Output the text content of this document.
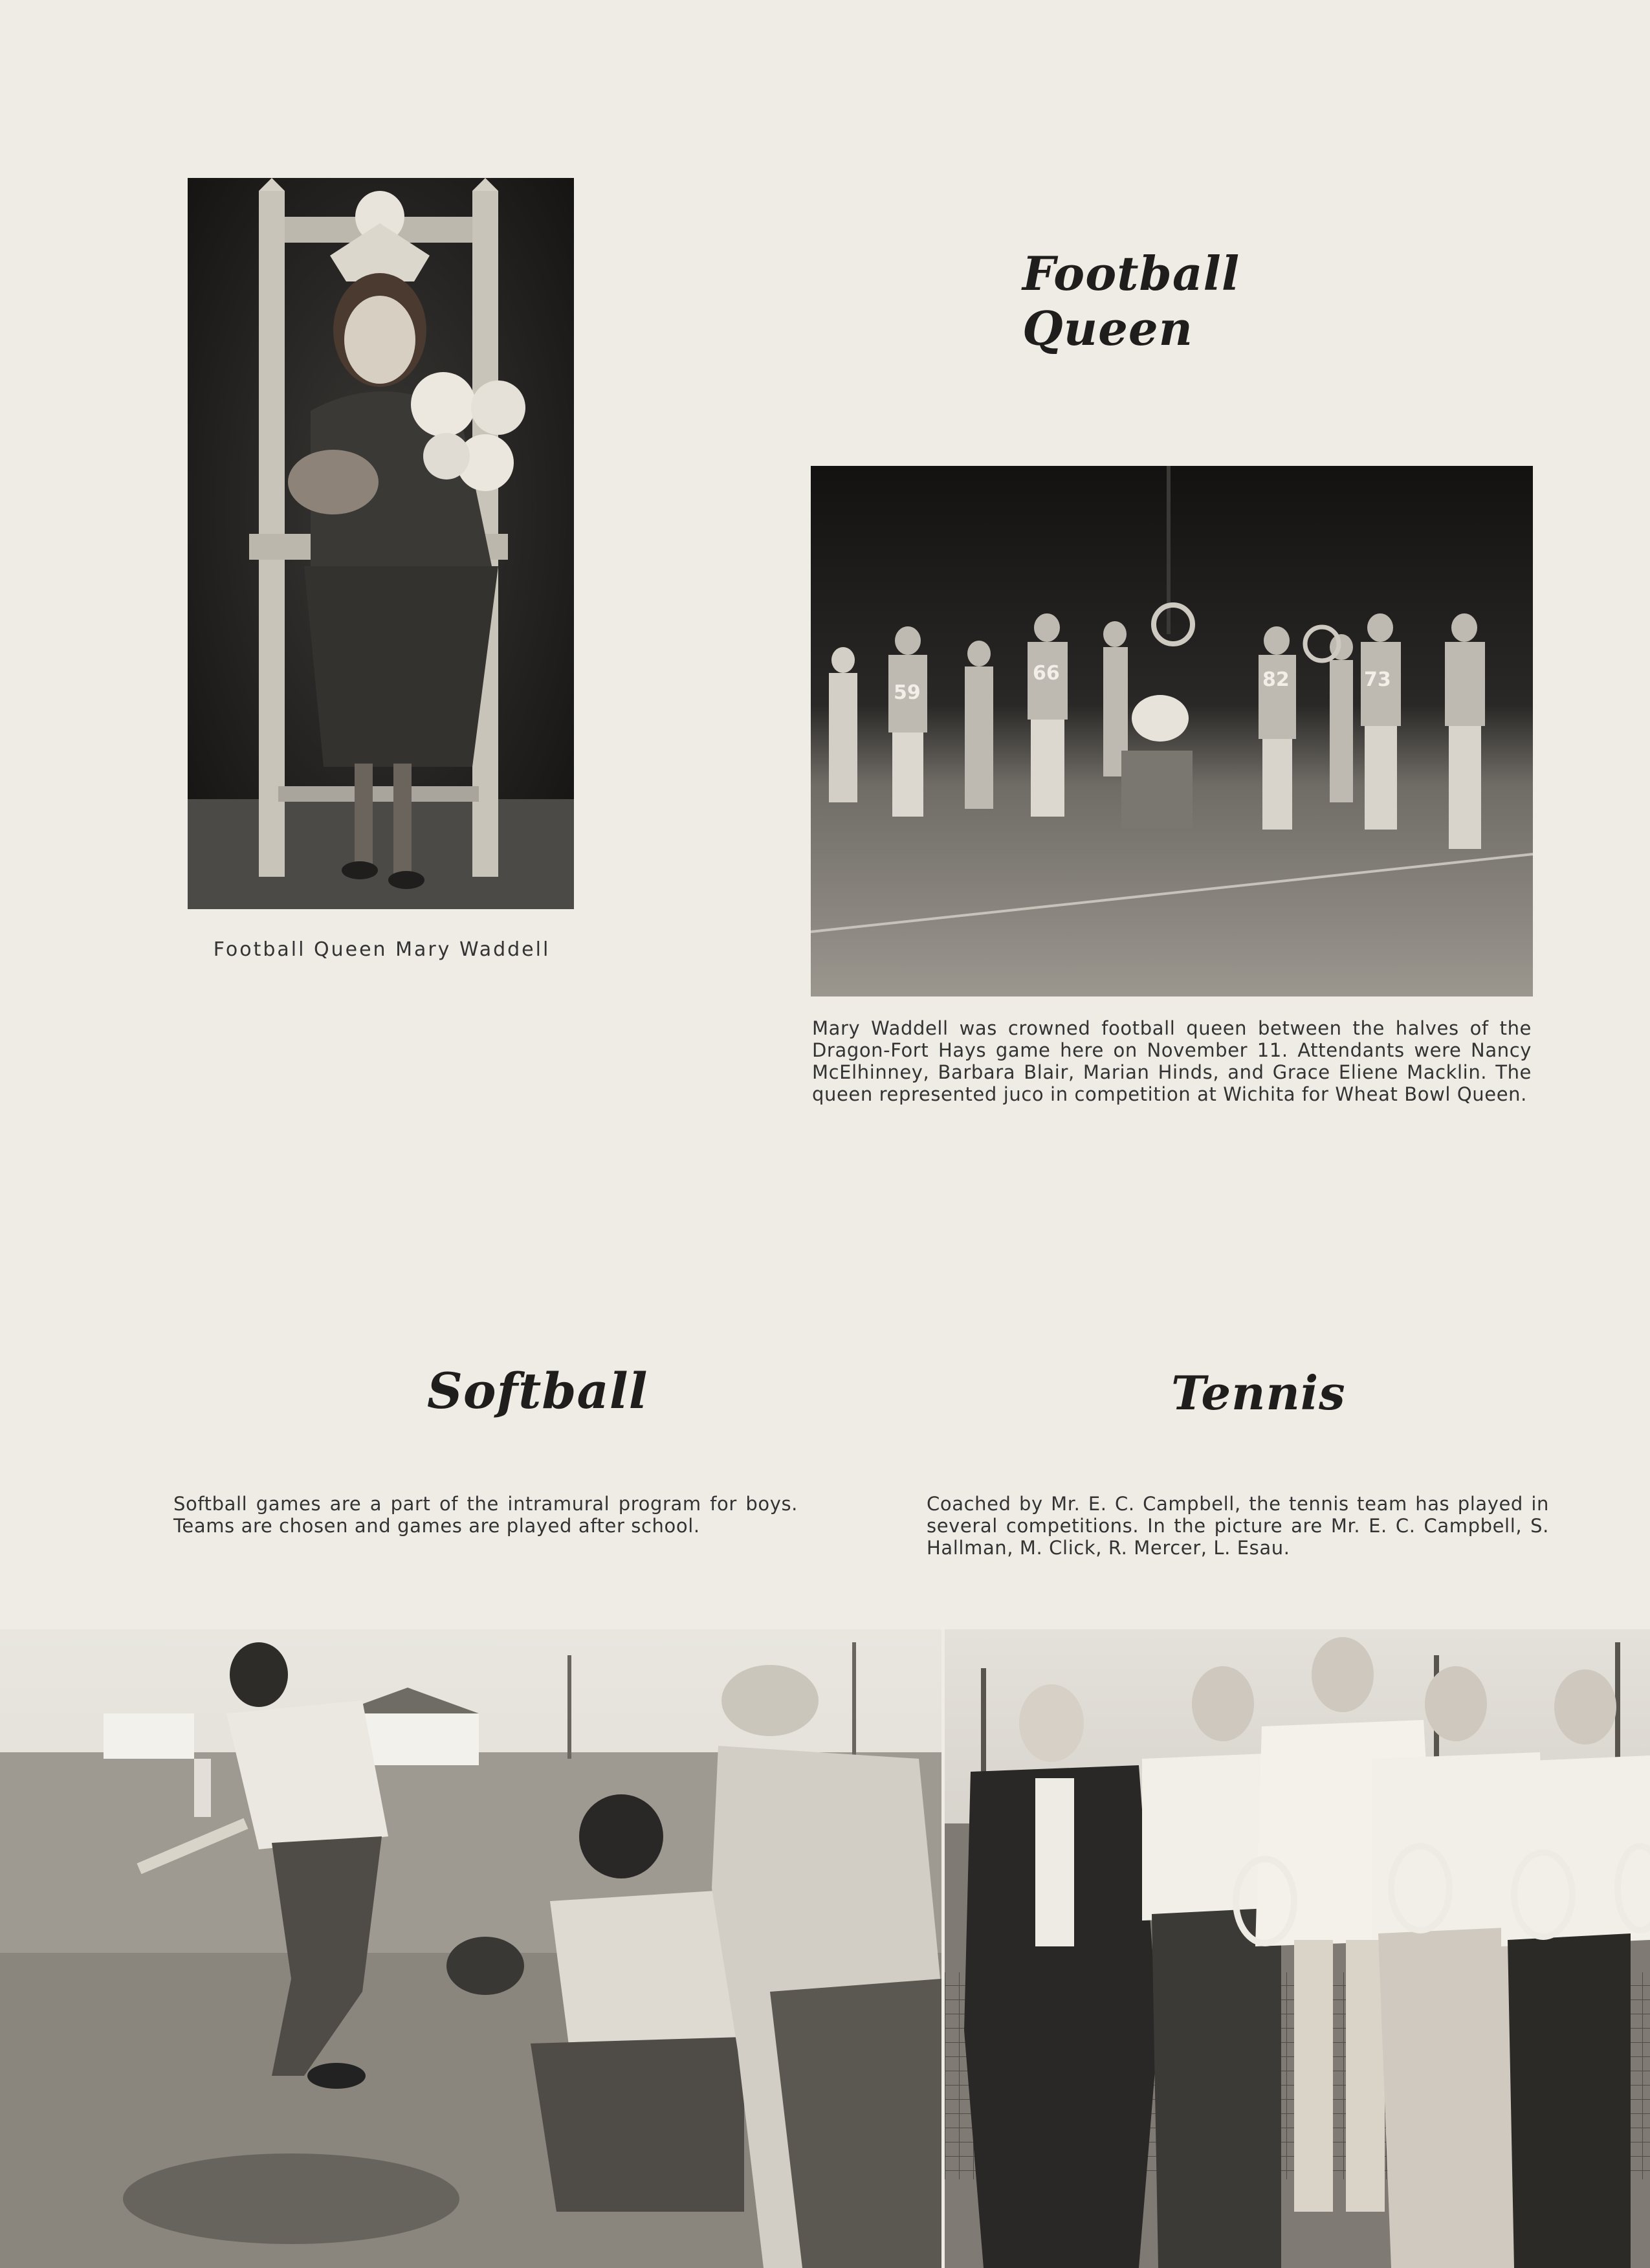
Football Queen Mary Waddell
Football Queen
59
66	82	73
Mary Waddell was crowned football queen between the halves of the Dragon-Fort Hays game here on November 11. Attendants were Nancy McElhinney, Barbara Blair, Marian Hinds, and Grace Eliene Macklin. The queen represented juco in competition at Wichita for Wheat Bowl Queen.
Softball
Softball games are a part of the intramural program for boys. Teams are chosen and games are played after school.
Tennis
Coached by Mr. E. C. Campbell, the tennis team has played in several competitions. In the picture are Mr. E. C. Campbell, S. Hallman, M. Click, R. Mercer, L. Esau.
